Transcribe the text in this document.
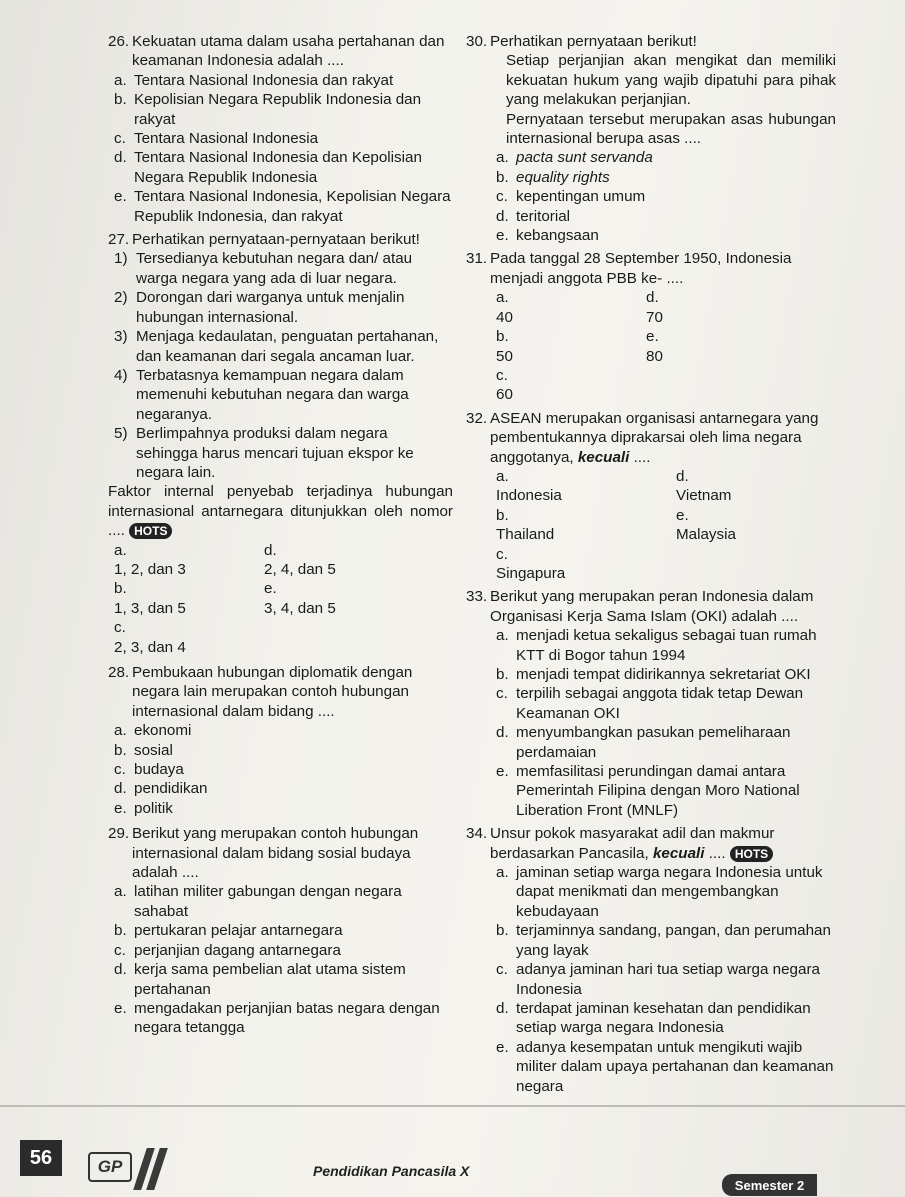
26. Kekuatan utama dalam usaha pertahanan dan keamanan Indonesia adalah ....
a. Tentara Nasional Indonesia dan rakyat
b. Kepolisian Negara Republik Indonesia dan rakyat
c. Tentara Nasional Indonesia
d. Tentara Nasional Indonesia dan Kepolisian Negara Republik Indonesia
e. Tentara Nasional Indonesia, Kepolisian Negara Republik Indonesia, dan rakyat
27. Perhatikan pernyataan-pernyataan berikut!
1) Tersedianya kebutuhan negara dan/ atau warga negara yang ada di luar negara.
2) Dorongan dari warganya untuk menjalin hubungan internasional.
3) Menjaga kedaulatan, penguatan pertahanan, dan keamanan dari segala ancaman luar.
4) Terbatasnya kemampuan negara dalam memenuhi kebutuhan negara dan warga negaranya.
5) Berlimpahnya produksi dalam negara sehingga harus mencari tujuan ekspor ke negara lain.
Faktor internal penyebab terjadinya hubungan internasional antarnegara ditunjukkan oleh nomor .... HOTS
a.
1, 2, dan 3
d.
2, 4, dan 5
b.
1, 3, dan 5
e.
3, 4, dan 5
c.
2, 3, dan 4
28. Pembukaan hubungan diplomatik dengan negara lain merupakan contoh hubungan internasional dalam bidang ....
a. ekonomi
b. sosial
c. budaya
d. pendidikan
e. politik
29. Berikut yang merupakan contoh hubungan internasional dalam bidang sosial budaya adalah ....
a. latihan militer gabungan dengan negara sahabat
b. pertukaran pelajar antarnegara
c. perjanjian dagang antarnegara
d. kerja sama pembelian alat utama sistem pertahanan
e. mengadakan perjanjian batas negara dengan negara tetangga
30. Perhatikan pernyataan berikut!
Setiap perjanjian akan mengikat dan memiliki kekuatan hukum yang wajib dipatuhi para pihak yang melakukan perjanjian.
Pernyataan tersebut merupakan asas hubungan internasional berupa asas ....
a. pacta sunt servanda
b. equality rights
c. kepentingan umum
d. teritorial
e. kebangsaan
31. Pada tanggal 28 September 1950, Indonesia menjadi anggota PBB ke- ....
a.
40
d.
70
b.
50
e.
80
c.
60
32. ASEAN merupakan organisasi antarnegara yang pembentukannya diprakarsai oleh lima negara anggotanya, kecuali ....
a.
Indonesia
d.
Vietnam
b.
Thailand
e.
Malaysia
c.
Singapura
33. Berikut yang merupakan peran Indonesia dalam Organisasi Kerja Sama Islam (OKI) adalah ....
a. menjadi ketua sekaligus sebagai tuan rumah KTT di Bogor tahun 1994
b. menjadi tempat didirikannya sekretariat OKI
c. terpilih sebagai anggota tidak tetap Dewan Keamanan OKI
d. menyumbangkan pasukan pemeliharaan perdamaian
e. memfasilitasi perundingan damai antara Pemerintah Filipina dengan Moro National Liberation Front (MNLF)
34. Unsur pokok masyarakat adil dan makmur berdasarkan Pancasila, kecuali .... HOTS
a. jaminan setiap warga negara Indonesia untuk dapat menikmati dan mengembangkan kebudayaan
b. terjaminnya sandang, pangan, dan perumahan yang layak
c. adanya jaminan hari tua setiap warga negara Indonesia
d. terdapat jaminan kesehatan dan pendidikan setiap warga negara Indonesia
e. adanya kesempatan untuk mengikuti wajib militer dalam upaya pertahanan dan keamanan negara
56	GP	Pendidikan Pancasila X
Semester 2
